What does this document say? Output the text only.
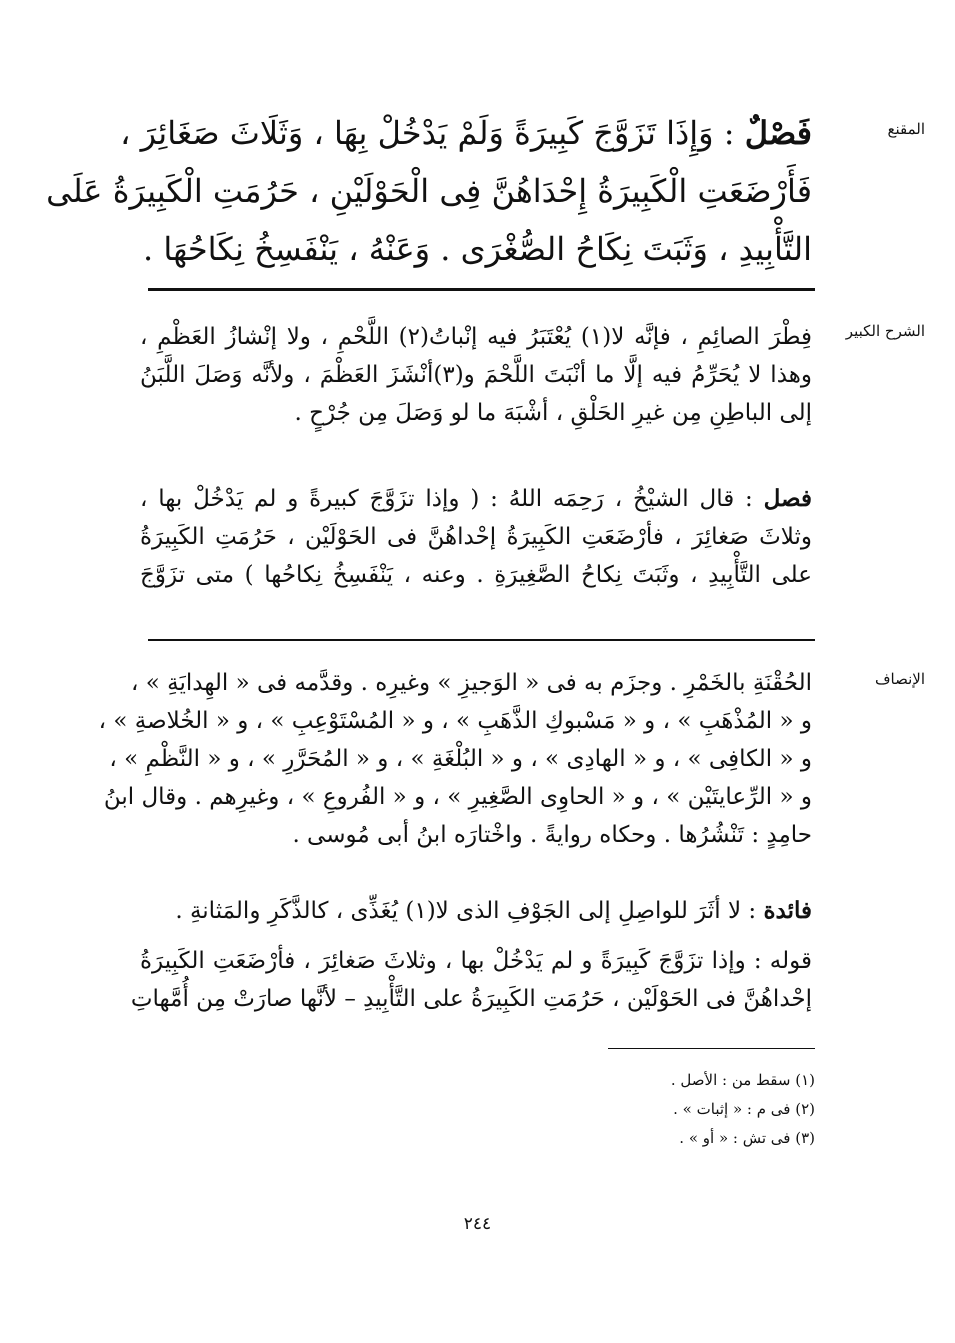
المقنع
فَصْلٌ : وَإِذَا تَزَوَّجَ كَبِيرَةً وَلَمْ يَدْخُلْ بِهَا ، وَثَلَاثَ صَغَائِرَ ،
فَأَرْضَعَتِ الْكَبِيرَةُ إِحْدَاهُنَّ فِى الْحَوْلَيْنِ ، حَرُمَتِ الْكَبِيرَةُ عَلَى
التَّأْبِيدِ ، وَثَبَتَ نِكَاحُ الصُّغْرَى . وَعَنْهُ ، يَنْفَسِخُ نِكَاحُهَا .
الشرح الكبير
فِطْرَ الصائِمِ ، فإنَّه لا(١) يُعْتَبَرُ فيه إنْباتُ(٢) اللَّحْمِ ، ولا إنْشازُ العَظْمِ ،
وهذا لا يُحَرِّمُ فيه إلَّا ما أنْبَتَ اللَّحْمَ و(٣)أنْشَزَ العَظْمَ ، ولأنَّه وَصَلَ اللَّبَنُ
إلى الباطِنِ مِن غيرِ الحَلْقِ ، أشْبَهَ ما لو وَصَلَ مِن جُرْحٍ .
فصل : قال الشيْخُ ، رَحِمَه اللهُ : ( وإذا تزَوَّجَ كبيرةً و لم يَدْخُلْ بها ،
وثلاثَ صَغائِرَ ، فأرْضَعَتِ الكَبِيرَةُ إحْداهُنَّ فى الحَوْلَيْن ، حَرُمَتِ الكَبِيرَةُ
على التَّأْبِيدِ ، وثَبَتَ نِكاحُ الصَّغِيرَةِ . وعنه ، يَنْفَسِخُ نِكاحُها ) متى تزَوَّجَ
الإنصاف
الحُقْنَةِ بالخَمْرِ . وجزَم به فى « الوَجيزِ » وغيرِه . وقدَّمه فى « الهِدايَةِ » ،
و « المُذْهَبِ » ، و « مَسْبوكِ الذَّهَبِ » ، و « المُسْتَوْعِبِ » ، و « الخُلاصةِ » ،
و « الكافِى » ، و « الهادِى » ، و « البُلْغَةِ » ، و « المُحَرَّرِ » ، و « النَّظْمِ » ،
و « الرِّعايتَيْن » ، و « الحاوِى الصَّغِيرِ » ، و « الفُروعِ » ، وغيرِهم . وقال ابنُ
حامِدٍ : تَنْشُرُها . وحكاه روايةً . واخْتارَه ابنُ أبى مُوسى .
فائدة : لا أثَرَ للواصِلِ إلى الجَوْفِ الذى لا(١) يُغَذِّى ، كالذَّكَرِ والمَثانةِ .
قوله : وإذا تزَوَّجَ كَبِيرَةً و لم يَدْخُلْ بها ، وثلاثَ صَغائِرَ ، فأرْضَعَتِ الكَبِيرَةُ
إحْداهُنَّ فى الحَوْلَيْن ، حَرُمَتِ الكَبِيرَةُ على التَّأْبِيدِ – لأنَّها صارَتْ مِن أُمَّهاتِ
(١) سقط من : الأصل .
(٢) فى م : « إثبات » .
(٣) فى تش : « أو » .
٢٤٤
